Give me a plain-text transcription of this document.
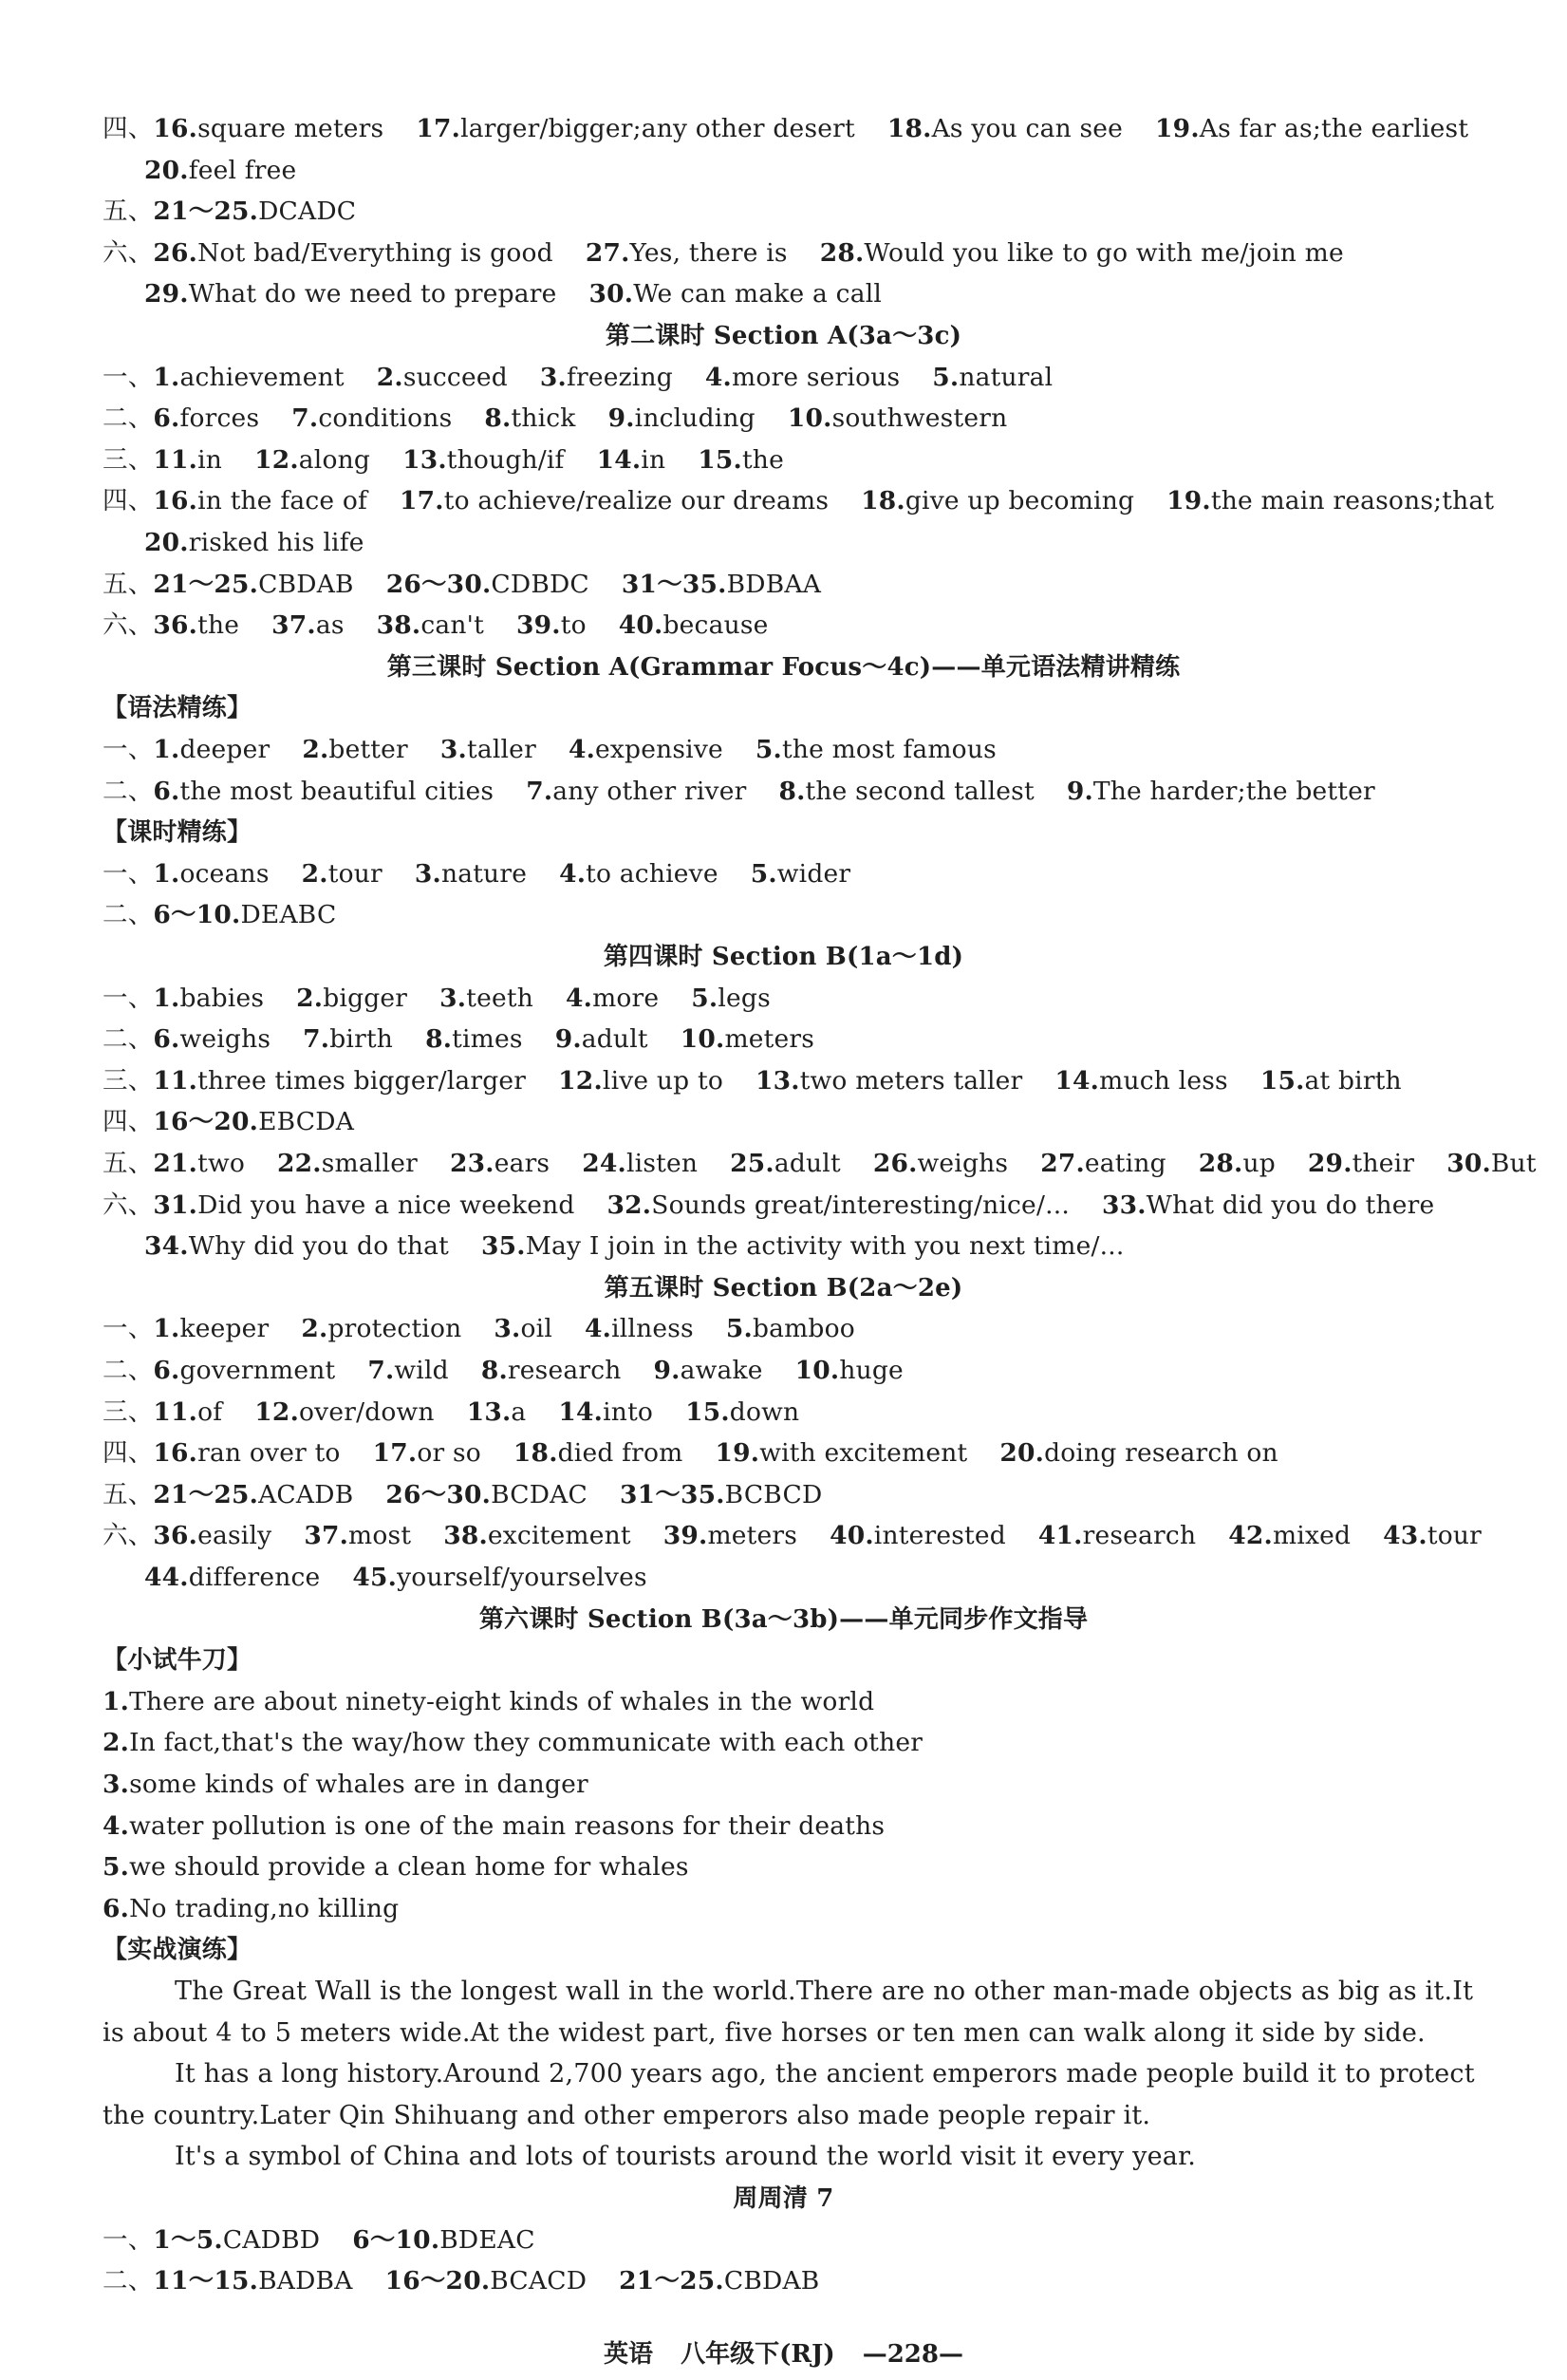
四、16.square meters 17.larger/bigger;any other desert 18.As you can see 19.As far as;the earliest
20.feel free
五、21～25.DCADC
六、26.Not bad/Everything is good 27.Yes, there is 28.Would you like to go with me/join me
29.What do we need to prepare 30.We can make a call
第二课时 Section A(3a～3c)
一、1.achievement 2.succeed 3.freezing 4.more serious 5.natural
二、6.forces 7.conditions 8.thick 9.including 10.southwestern
三、11.in 12.along 13.though/if 14.in 15.the
四、16.in the face of 17.to achieve/realize our dreams 18.give up becoming 19.the main reasons;that
20.risked his life
五、21～25.CBDAB 26～30.CDBDC 31～35.BDBAA
六、36.the 37.as 38.can't 39.to 40.because
第三课时 Section A(Grammar Focus～4c)——单元语法精讲精练
【语法精练】
一、1.deeper 2.better 3.taller 4.expensive 5.the most famous
二、6.the most beautiful cities 7.any other river 8.the second tallest 9.The harder;the better
【课时精练】
一、1.oceans 2.tour 3.nature 4.to achieve 5.wider
二、6～10.DEABC
第四课时 Section B(1a～1d)
一、1.babies 2.bigger 3.teeth 4.more 5.legs
二、6.weighs 7.birth 8.times 9.adult 10.meters
三、11.three times bigger/larger 12.live up to 13.two meters taller 14.much less 15.at birth
四、16～20.EBCDA
五、21.two 22.smaller 23.ears 24.listen 25.adult 26.weighs 27.eating 28.up 29.their 30.But
六、31.Did you have a nice weekend 32.Sounds great/interesting/nice/... 33.What did you do there
34.Why did you do that 35.May I join in the activity with you next time/...
第五课时 Section B(2a～2e)
一、1.keeper 2.protection 3.oil 4.illness 5.bamboo
二、6.government 7.wild 8.research 9.awake 10.huge
三、11.of 12.over/down 13.a 14.into 15.down
四、16.ran over to 17.or so 18.died from 19.with excitement 20.doing research on
五、21～25.ACADB 26～30.BCDAC 31～35.BCBCD
六、36.easily 37.most 38.excitement 39.meters 40.interested 41.research 42.mixed 43.tour
44.difference 45.yourself/yourselves
第六课时 Section B(3a～3b)——单元同步作文指导
【小试牛刀】
1.There are about ninety-eight kinds of whales in the world
2.In fact,that's the way/how they communicate with each other
3.some kinds of whales are in danger
4.water pollution is one of the main reasons for their deaths
5.we should provide a clean home for whales
6.No trading,no killing
【实战演练】
The Great Wall is the longest wall in the world.There are no other man-made objects as big as it.It is about 4 to 5 meters wide.At the widest part, five horses or ten men can walk along it side by side.
It has a long history.Around 2,700 years ago, the ancient emperors made people build it to protect the country.Later Qin Shihuang and other emperors also made people repair it.
It's a symbol of China and lots of tourists around the world visit it every year.
周周清 7
一、1～5.CADBD 6～10.BDEAC
二、11～15.BADBA 16～20.BCACD 21～25.CBDAB
英语 八年级下(RJ) —228—
